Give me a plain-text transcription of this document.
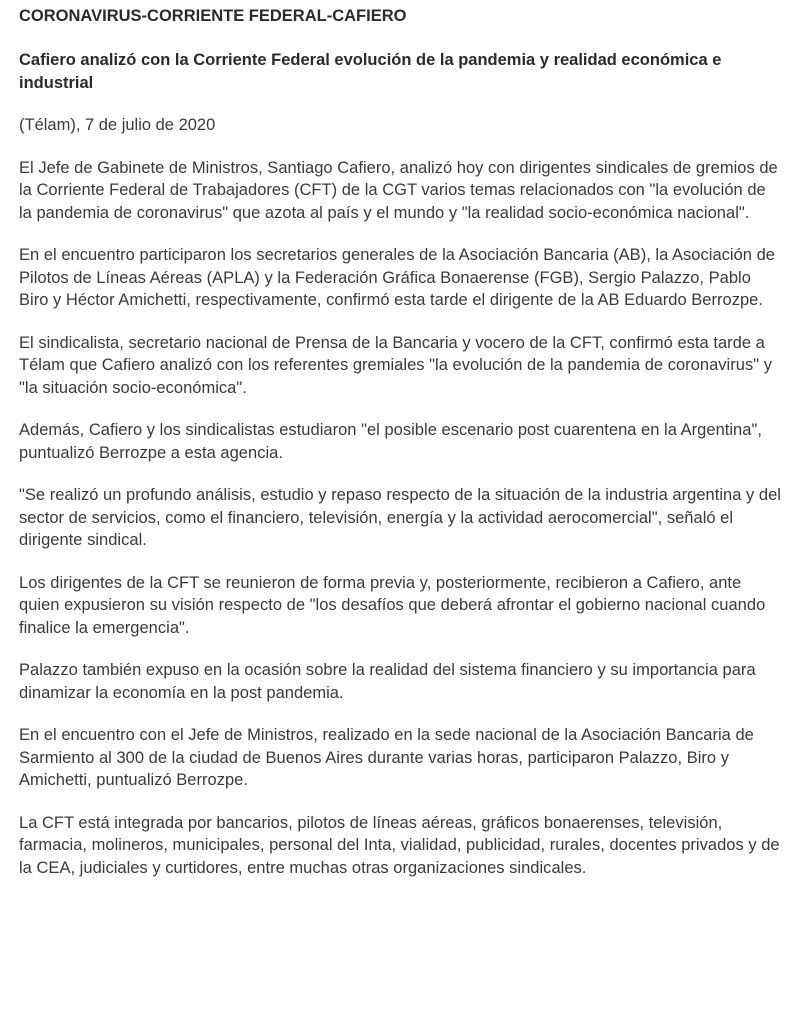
CORONAVIRUS-CORRIENTE FEDERAL-CAFIERO

Cafiero analizó con la Corriente Federal evolución de la pandemia y realidad económica e industrial

(Télam), 7 de julio de 2020

El Jefe de Gabinete de Ministros, Santiago Cafiero, analizó hoy con dirigentes sindicales de gremios de la Corriente Federal de Trabajadores (CFT) de la CGT varios temas relacionados con "la evolución de la pandemia de coronavirus" que azota al país y el mundo y "la realidad socio-económica nacional".

En el encuentro participaron los secretarios generales de la Asociación Bancaria (AB), la Asociación de Pilotos de Líneas Aéreas (APLA) y la Federación Gráfica Bonaerense (FGB), Sergio Palazzo, Pablo Biro y Héctor Amichetti, respectivamente, confirmó esta tarde el dirigente de la AB Eduardo Berrozpe.

El sindicalista, secretario nacional de Prensa de la Bancaria y vocero de la CFT, confirmó esta tarde a Télam que Cafiero analizó con los referentes gremiales "la evolución de la pandemia de coronavirus" y "la situación socio-económica".

Además, Cafiero y los sindicalistas estudiaron "el posible escenario post cuarentena en la Argentina", puntualizó Berrozpe a esta agencia.

"Se realizó un profundo análisis, estudio y repaso respecto de la situación de la industria argentina y del sector de servicios, como el financiero, televisión, energía y la actividad aerocomercial", señaló el dirigente sindical.

Los dirigentes de la CFT se reunieron de forma previa y, posteriormente, recibieron a Cafiero, ante quien expusieron su visión respecto de "los desafíos que deberá afrontar el gobierno nacional cuando finalice la emergencia".

Palazzo también expuso en la ocasión sobre la realidad del sistema financiero y su importancia para dinamizar la economía en la post pandemia.

En el encuentro con el Jefe de Ministros, realizado en la sede nacional de la Asociación Bancaria de Sarmiento al 300 de la ciudad de Buenos Aires durante varias horas, participaron Palazzo, Biro y Amichetti, puntualizó Berrozpe.

La CFT está integrada por bancarios, pilotos de líneas aéreas, gráficos bonaerenses, televisión, farmacia, molineros, municipales, personal del Inta, vialidad, publicidad, rurales, docentes privados y de la CEA, judiciales y curtidores, entre muchas otras organizaciones sindicales.
